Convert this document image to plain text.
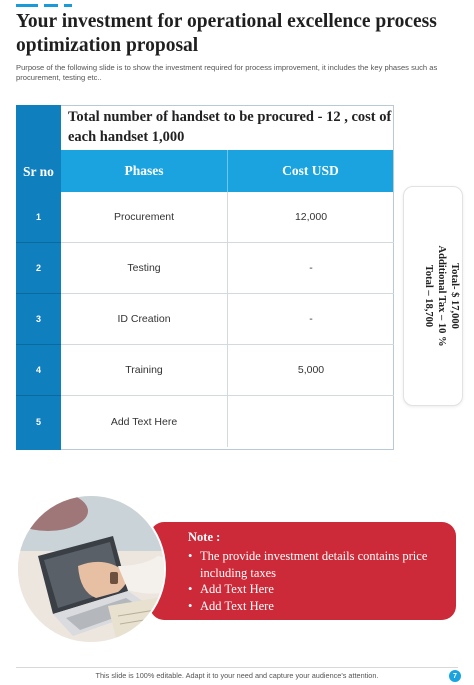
Your investment for operational excellence process optimization proposal

Purpose of the following slide is to show the investment required for process improvement, it includes the key phases such as procurement, testing etc..

Total number of handset to be procured - 12 , cost of each handset 1,000
Sr no	Phases	Cost USD
1	Procurement	12,000
2	Testing	-
3	ID Creation	-
4	Training	5,000
5	Add Text Here
Total- $ 17,000
Additional Tax – 10 %
Total – 18,700
Note :
• The provide investment details contains price including taxes
• Add Text Here
• Add Text Here
This slide is 100% editable. Adapt it to your need and capture your audience's attention.	7
